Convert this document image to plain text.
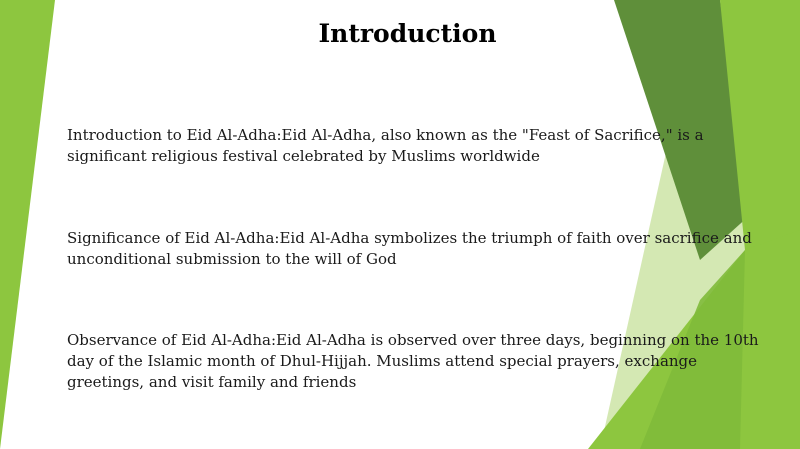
Introduction

Introduction to Eid Al-Adha:Eid Al-Adha, also known as the "Feast of Sacrifice," is a significant religious festival celebrated by Muslims worldwide

Significance of Eid Al-Adha:Eid Al-Adha symbolizes the triumph of faith over sacrifice and unconditional submission to the will of God

Observance of Eid Al-Adha:Eid Al-Adha is observed over three days, beginning on the 10th day of the Islamic month of Dhul-Hijjah. Muslims attend special prayers, exchange greetings, and visit family and friends
